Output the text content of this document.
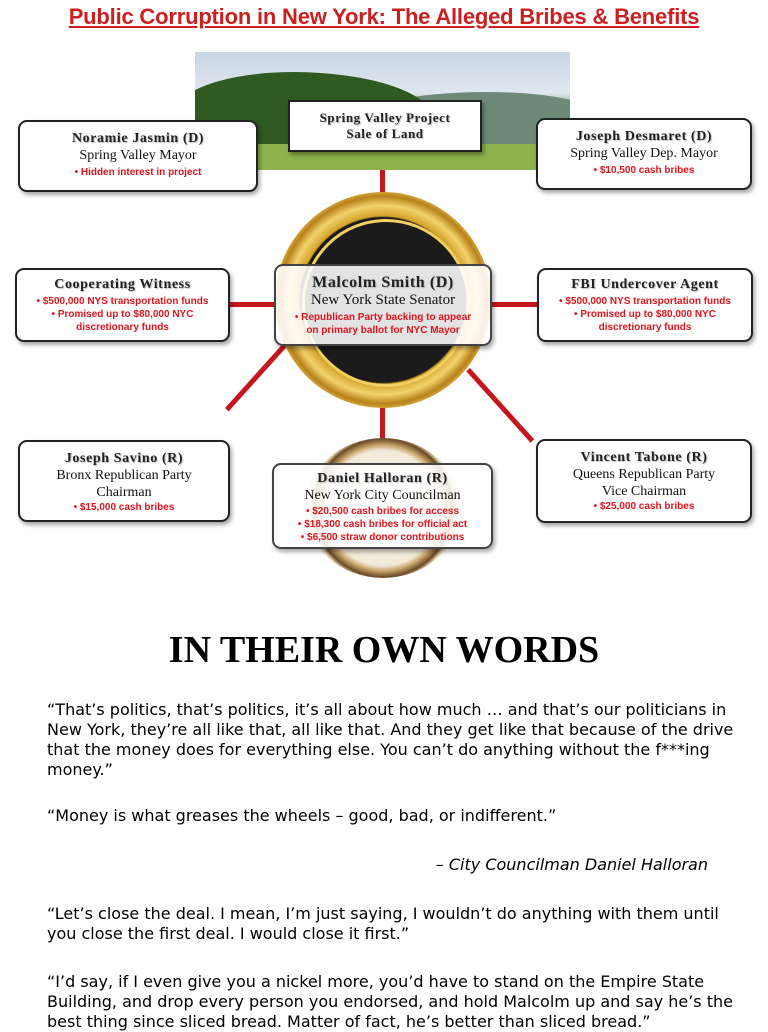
Public Corruption in New York: The Alleged Bribes & Benefits
Spring Valley Project
Sale of Land
Noramie Jasmin (D)
Spring Valley Mayor
• Hidden interest in project
Joseph Desmaret (D)
Spring Valley Dep. Mayor
• $10,500 cash bribes
Cooperating Witness
• $500,000 NYS transportation funds
• Promised up to $80,000 NYC
discretionary funds
Malcolm Smith (D)
New York State Senator
• Republican Party backing to appear
on primary ballot for NYC Mayor
FBI Undercover Agent
• $500,000 NYS transportation funds
• Promised up to $80,000 NYC
discretionary funds
Joseph Savino (R)
Bronx Republican Party
Chairman
• $15,000 cash bribes
Daniel Halloran (R)
New York City Councilman
• $20,500 cash bribes for access
• $18,300 cash bribes for official act
• $6,500 straw donor contributions
Vincent Tabone (R)
Queens Republican Party
Vice Chairman
• $25,000 cash bribes
IN THEIR OWN WORDS
“That’s politics, that’s politics, it’s all about how much … and that’s our politicians in New York, they’re all like that, all like that. And they get like that because of the drive that the money does for everything else. You can’t do anything without the f***ing money.”
“Money is what greases the wheels – good, bad, or indifferent.”
– City Councilman Daniel Halloran
“Let’s close the deal. I mean, I’m just saying, I wouldn’t do anything with them until you close the first deal. I would close it first.”
“I’d say, if I even give you a nickel more, you’d have to stand on the Empire State Building, and drop every person you endorsed, and hold Malcolm up and say he’s the best thing since sliced bread. Matter of fact, he’s better than sliced bread.”
